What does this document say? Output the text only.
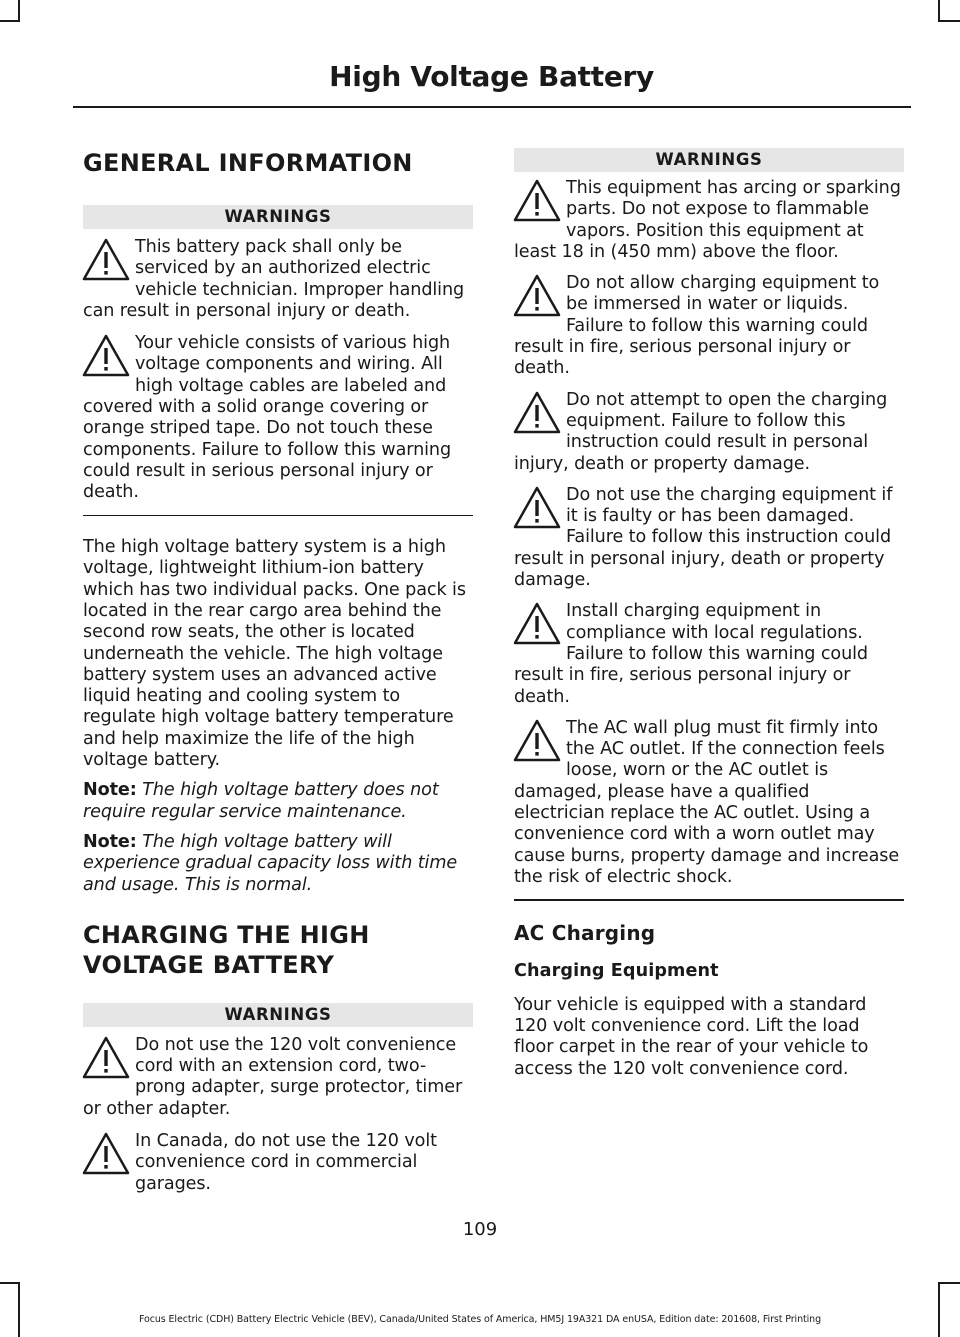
High Voltage Battery
GENERAL INFORMATION
WARNINGS
This battery pack shall only be serviced by an authorized electric vehicle technician. Improper handling can result in personal injury or death.
Your vehicle consists of various high voltage components and wiring. All high voltage cables are labeled and covered with a solid orange covering or orange striped tape. Do not touch these components. Failure to follow this warning could result in serious personal injury or death.

The high voltage battery system is a high voltage, lightweight lithium-ion battery which has two individual packs. One pack is located in the rear cargo area behind the second row seats, the other is located underneath the vehicle. The high voltage battery system uses an advanced active liquid heating and cooling system to regulate high voltage battery temperature and help maximize the life of the high voltage battery.

Note: The high voltage battery does not require regular service maintenance.

Note: The high voltage battery will experience gradual capacity loss with time and usage. This is normal.

CHARGING THE HIGH
VOLTAGE BATTERY
WARNINGS
Do not use the 120 volt convenience cord with an extension cord, two-prong adapter, surge protector, timer or other adapter.
In Canada, do not use the 120 volt convenience cord in commercial garages.
WARNINGS
This equipment has arcing or sparking parts. Do not expose to flammable vapors. Position this equipment at least 18 in (450 mm) above the floor.
Do not allow charging equipment to be immersed in water or liquids. Failure to follow this warning could result in fire, serious personal injury or death.
Do not attempt to open the charging equipment. Failure to follow this instruction could result in personal injury, death or property damage.
Do not use the charging equipment if it is faulty or has been damaged. Failure to follow this instruction could result in personal injury, death or property damage.
Install charging equipment in compliance with local regulations. Failure to follow this warning could result in fire, serious personal injury or death.
The AC wall plug must fit firmly into the AC outlet. If the connection feels loose, worn or the AC outlet is damaged, please have a qualified electrician replace the AC outlet. Using a convenience cord with a worn outlet may cause burns, property damage and increase the risk of electric shock.
AC Charging
Charging Equipment

Your vehicle is equipped with a standard 120 volt convenience cord. Lift the load floor carpet in the rear of your vehicle to access the 120 volt convenience cord.

109
Focus Electric (CDH) Battery Electric Vehicle (BEV), Canada/United States of America, HM5J 19A321 DA enUSA, Edition date: 201608, First Printing
